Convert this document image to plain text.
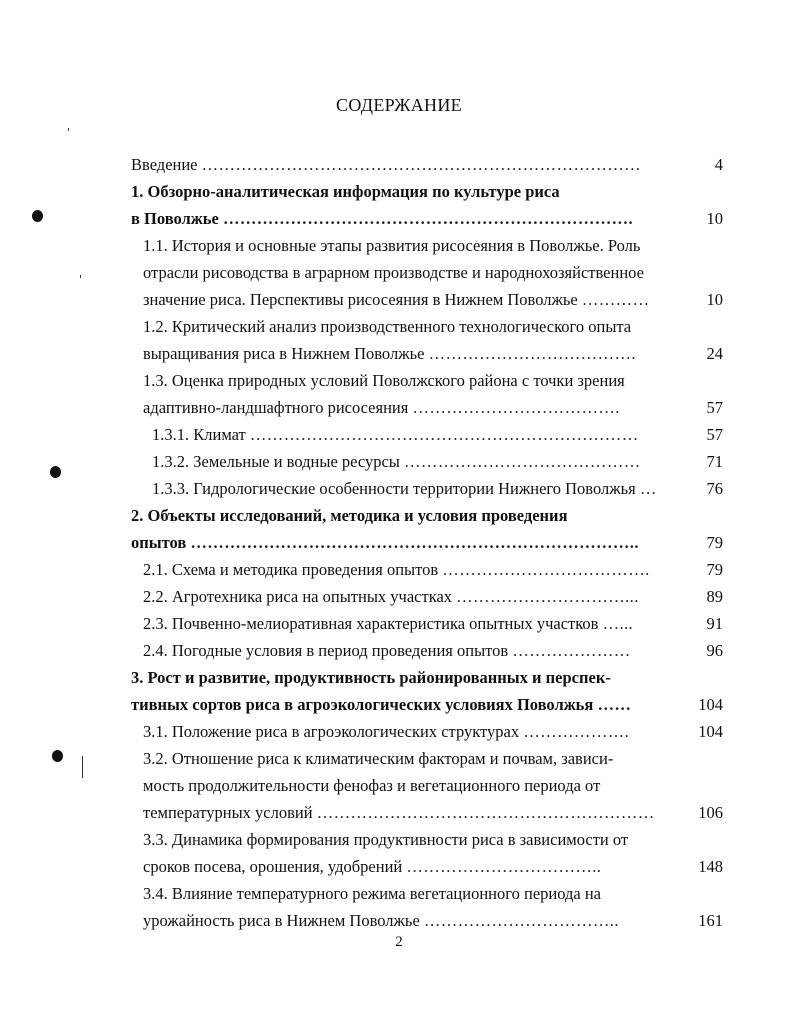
СОДЕРЖАНИЕ
Введение ……………………………………………………………………	4
1. Обзорно-аналитическая информация по культуре риса
в Поволжье ……………………………………………………………….	10
1.1. История и основные этапы развития рисосеяния в Поволжье. Роль
отрасли рисоводства в аграрном производстве и народнохозяйственное
значение риса. Перспективы рисосеяния в Нижнем Поволжье …………	10
1.2. Критический анализ производственного технологического опыта
выращивания риса в Нижнем Поволжье ……………………………….	24
1.3. Оценка природных условий Поволжского района с точки зрения
адаптивно-ландшафтного рисосеяния ……………………………….	57
1.3.1. Климат ……………………………………………………………	57
1.3.2. Земельные и водные ресурсы ……………………………………	71
1.3.3. Гидрологические особенности территории Нижнего Поволжья …	76
2. Объекты исследований, методика и условия проведения
опытов ……………………………………………………………………..	79
2.1. Схема и методика проведения опытов ……………………………….	79
2.2. Агротехника риса на опытных участках …………………………...	89
2.3. Почвенно-мелиоративная характеристика опытных участков …...	91
2.4. Погодные условия в период проведения опытов …………………	96
3. Рост и развитие, продуктивность районированных и перспек-
тивных сортов риса в агроэкологических условиях Поволжья ……	104
3.1. Положение риса в агроэкологических структурах ……………….	104
3.2. Отношение риса к климатическим факторам и почвам, зависи-
мость продолжительности фенофаз и вегетационного периода от
температурных условий ……………………………………………………	106
3.3. Динамика формирования продуктивности риса в зависимости от
сроков посева, орошения, удобрений ……………………………..	148
3.4. Влияние температурного режима вегетационного периода на
урожайность риса в Нижнем Поволжье ……………………………..	161
2
